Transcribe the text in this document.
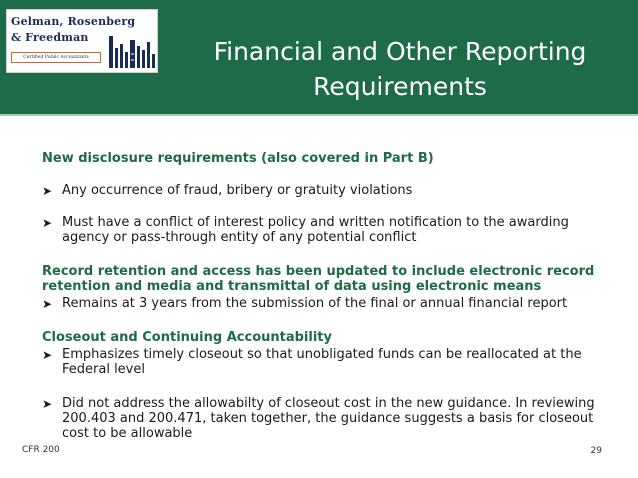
Gelman, Rosenberg
& Freedman
Certified Public Accountants	Financial and Other Reporting
Requirements
New disclosure requirements (also covered in Part B)
➤ Any occurrence of fraud, bribery or gratuity violations
➤ Must have a conflict of interest policy and written notification to the awarding
agency or pass-through entity of any potential conflict
Record retention and access has been updated to include electronic record
retention and media and transmittal of data using electronic means
➤ Remains at 3 years from the submission of the final or annual financial report
Closeout and Continuing Accountability
➤ Emphasizes timely closeout so that unobligated funds can be reallocated at the
Federal level
➤ Did not address the allowabilty of closeout cost in the new guidance. In reviewing
200.403 and 200.471, taken together, the guidance suggests a basis for closeout
cost to be allowable
CFR 200	29
